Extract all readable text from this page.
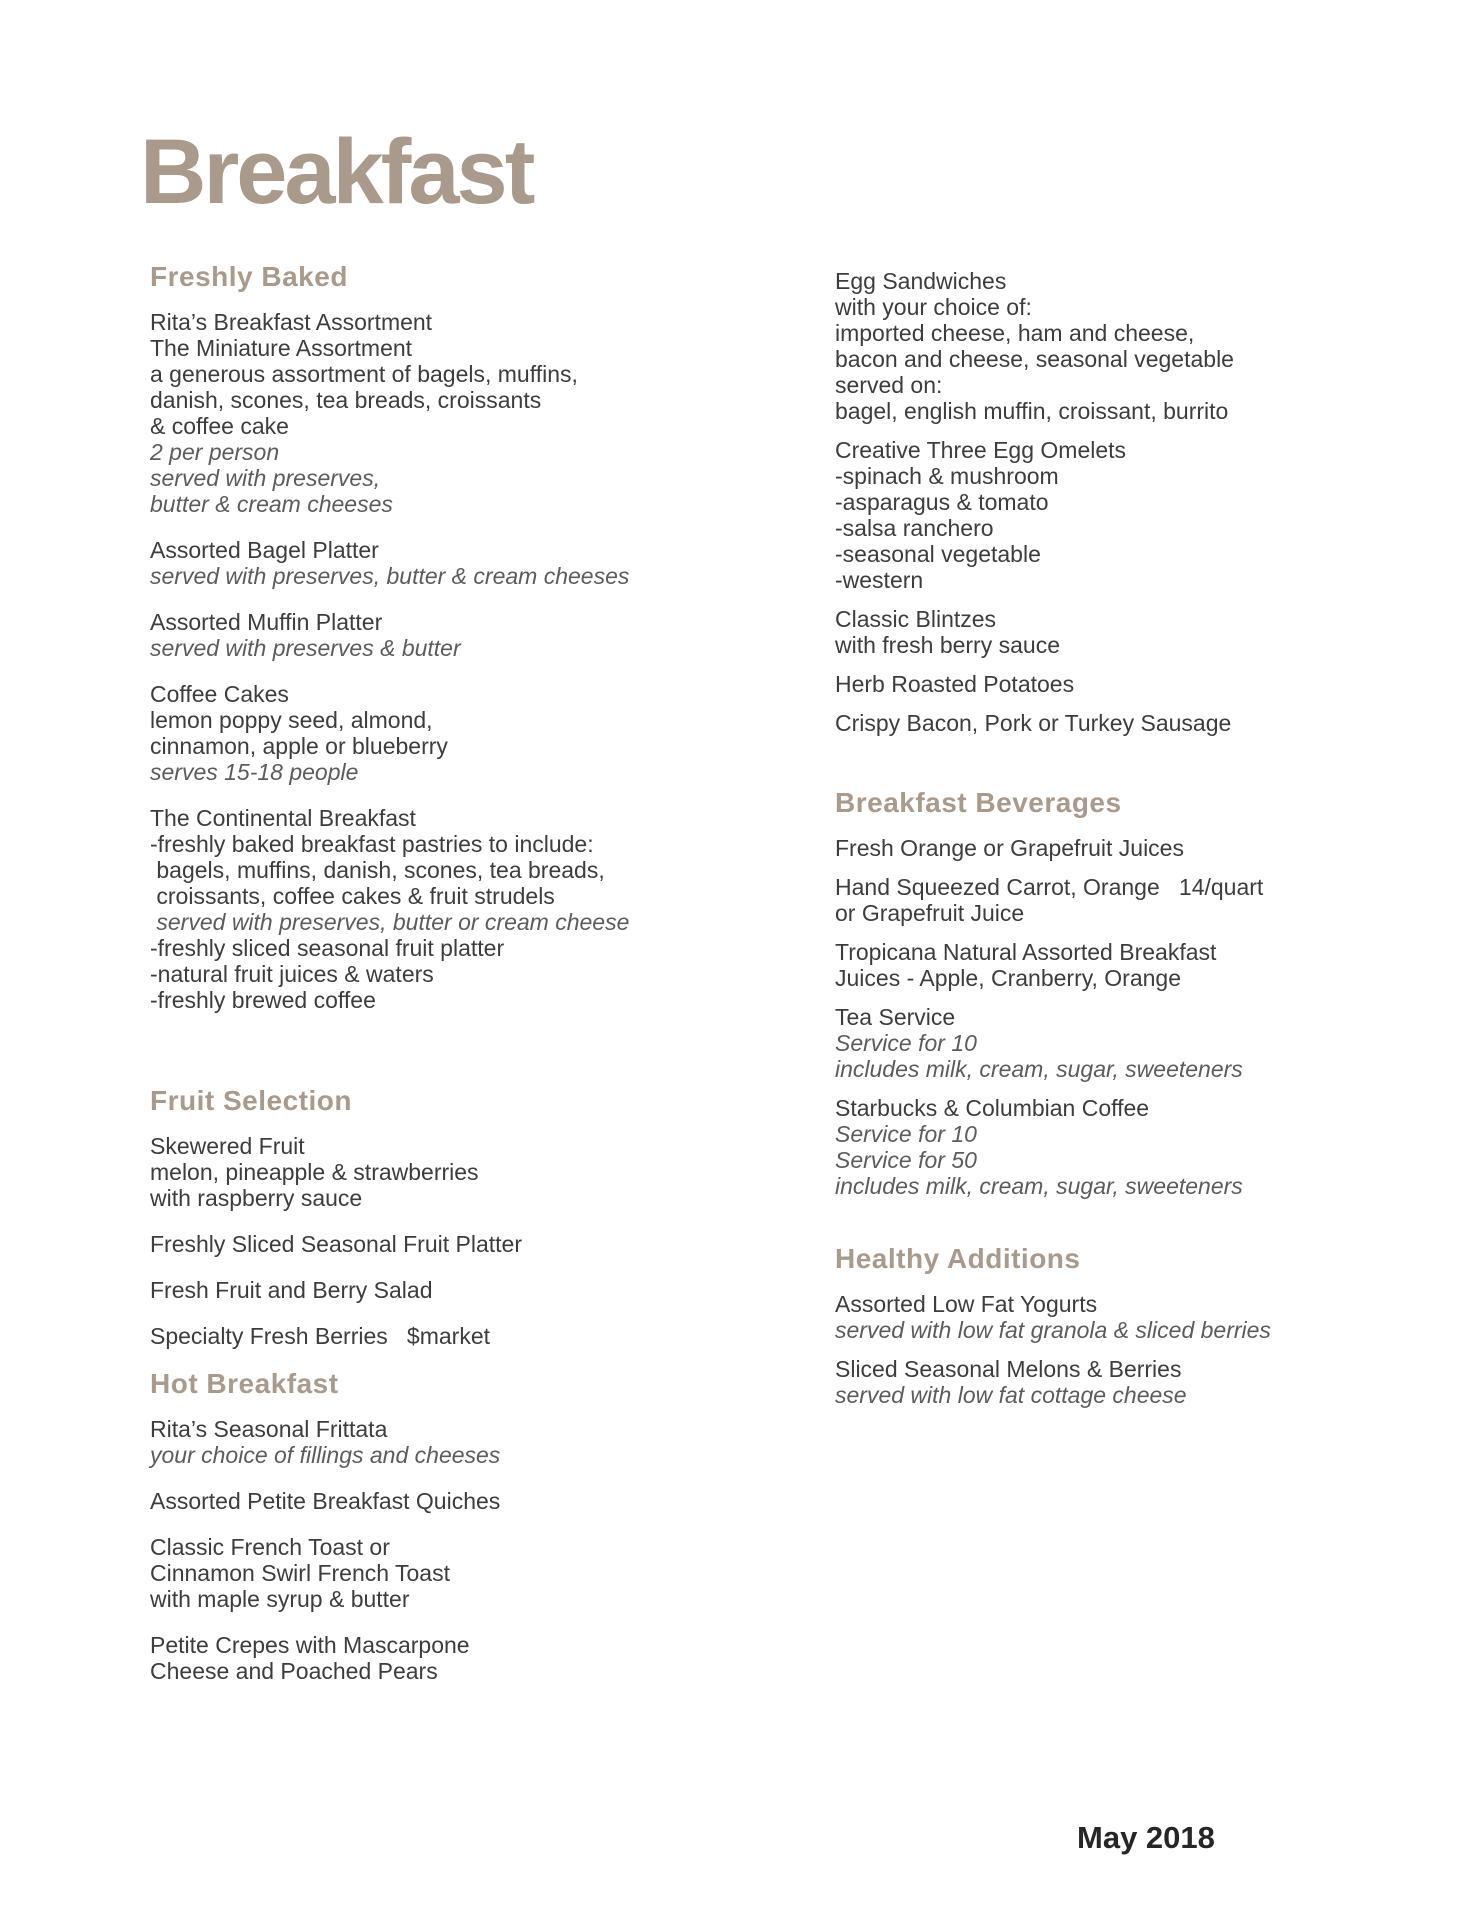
Breakfast
Freshly Baked
Rita’s Breakfast Assortment
The Miniature Assortment
a generous assortment of bagels, muffins,
danish, scones, tea breads, croissants
& coffee cake
2 per person
served with preserves,
butter & cream cheeses
Assorted Bagel Platter
served with preserves, butter & cream cheeses
Assorted Muffin Platter
served with preserves & butter
Coffee Cakes
lemon poppy seed, almond,
cinnamon, apple or blueberry
serves 15-18 people
The Continental Breakfast
-freshly baked breakfast pastries to include:
bagels, muffins, danish, scones, tea breads,
croissants, coffee cakes & fruit strudels
served with preserves, butter or cream cheese
-freshly sliced seasonal fruit platter
-natural fruit juices & waters
-freshly brewed coffee
Fruit Selection
Skewered Fruit
melon, pineapple & strawberries
with raspberry sauce
Freshly Sliced Seasonal Fruit Platter
Fresh Fruit and Berry Salad
Specialty Fresh Berries   $market
Hot Breakfast
Rita’s Seasonal Frittata
your choice of fillings and cheeses
Assorted Petite Breakfast Quiches
Classic French Toast or
Cinnamon Swirl French Toast
with maple syrup & butter
Petite Crepes with Mascarpone
Cheese and Poached Pears
Egg Sandwiches
with your choice of:
imported cheese, ham and cheese,
bacon and cheese, seasonal vegetable
served on:
bagel, english muffin, croissant, burrito
Creative Three Egg Omelets
-spinach & mushroom
-asparagus & tomato
-salsa ranchero
-seasonal vegetable
-western
Classic Blintzes
with fresh berry sauce
Herb Roasted Potatoes
Crispy Bacon, Pork or Turkey Sausage
Breakfast Beverages
Fresh Orange or Grapefruit Juices
Hand Squeezed Carrot, Orange   14/quart
or Grapefruit Juice
Tropicana Natural Assorted Breakfast
Juices - Apple, Cranberry, Orange
Tea Service
Service for 10
includes milk, cream, sugar, sweeteners
Starbucks & Columbian Coffee
Service for 10
Service for 50
includes milk, cream, sugar, sweeteners
Healthy Additions
Assorted Low Fat Yogurts
served with low fat granola & sliced berries
Sliced Seasonal Melons & Berries
served with low fat cottage cheese
May 2018
